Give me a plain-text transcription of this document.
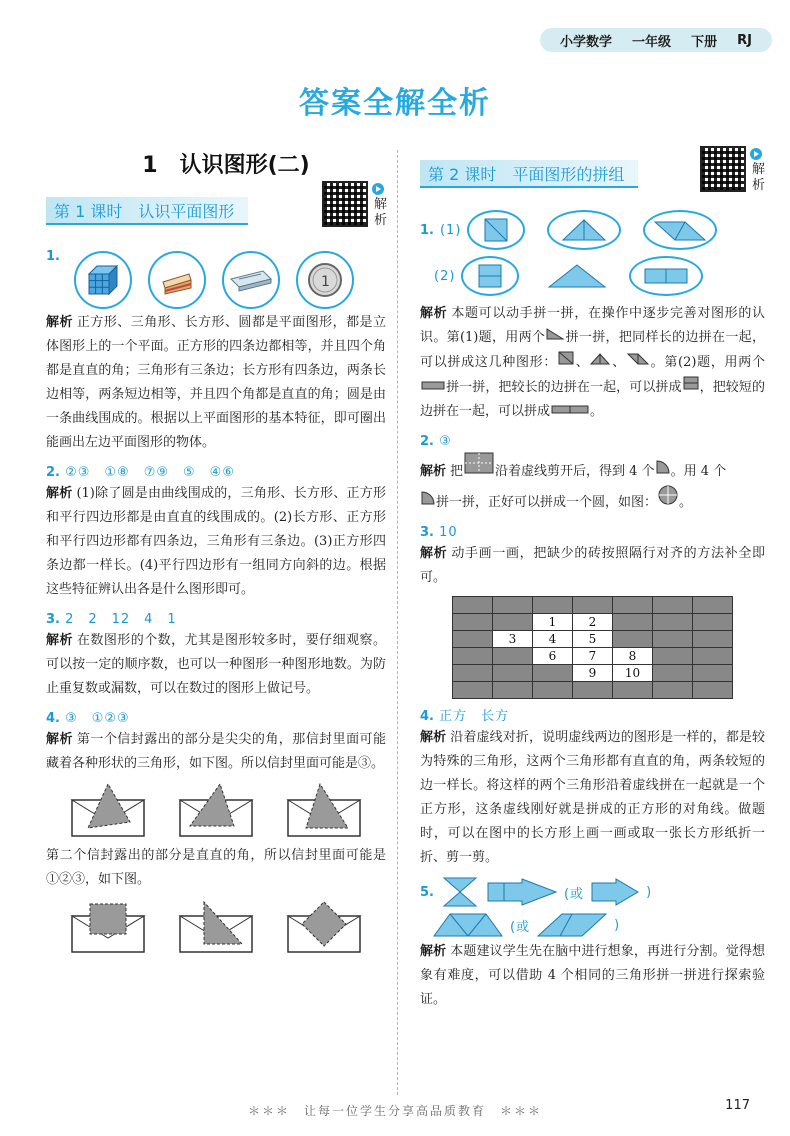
小学数学 一年级 下册 RJ
答案全解全析
1　认识图形(二)
第 1 课时　认识平面图形	解析
1.
1
解析 正方形、三角形、长方形、圆都是平面图形，都是立体图形上的一个平面。正方形的四条边都相等，并且四个角都是直直的角；三角形有三条边；长方形有四条边，两条长边相等，两条短边相等，并且四个角都是直直的角；圆是由一条曲线围成的。根据以上平面图形的基本特征，即可圈出能画出左边平面图形的物体。
2. ②③　①⑧　⑦⑨　⑤　④⑥
解析 (1)除了圆是由曲线围成的，三角形、长方形、正方形和平行四边形都是由直直的线围成的。(2)长方形、正方形和平行四边形都有四条边，三角形有三条边。(3)正方形四条边都一样长。(4)平行四边形有一组同方向斜的边。根据这些特征辨认出各是什么图形即可。
3. 2　2　12　4　1
解析 在数图形的个数，尤其是图形较多时，要仔细观察。可以按一定的顺序数，也可以一种图形一种图形地数。为防止重复数或漏数，可以在数过的图形上做记号。
4. ③　①②③
解析 第一个信封露出的部分是尖尖的角，那信封里面可能藏着各种形状的三角形，如下图。所以信封里面可能是③。
第二个信封露出的部分是直直的角，所以信封里面可能是①②③，如下图。
第 2 课时　平面图形的拼组	解析
1. (1)
(2)
解析 本题可以动手拼一拼，在操作中逐步完善对图形的认识。第(1)题，用两个 拼一拼，把同样长的边拼在一起，可以拼成这几种图形： 、 、 。第(2)题，用两个拼一拼，把较长的边拼在一起，可以拼成 ，把较短的边拼在一起，可以拼成	。
2. ③
解析 把 沿着虚线剪开后，得到 4 个 。用 4 个
拼一拼，正好可以拼成一个圆，如图： 。
3. 10
解析 动手画一画，把缺少的砖按照隔行对齐的方法补全即可。

		1	2			
	3	4	5			
		6	7	8		
			9	10		

4. 正方　长方
解析 沿着虚线对折，说明虚线两边的图形是一样的，都是较为特殊的三角形，这两个三角形都有直直的角，两条较短的边一样长。将这样的两个三角形沿着虚线拼在一起就是一个正方形，这条虚线刚好就是拼成的正方形的对角线。做题时，可以在图中的长方形上画一画或取一张长方形纸折一折、剪一剪。
5.	(或	)
(或	)
解析 本题建议学生先在脑中进行想象，再进行分割。觉得想象有难度，可以借助 4 个相同的三角形拼一拼进行探索验证。
＊＊＊　让每一位学生分享高品质教育　＊＊＊	117
